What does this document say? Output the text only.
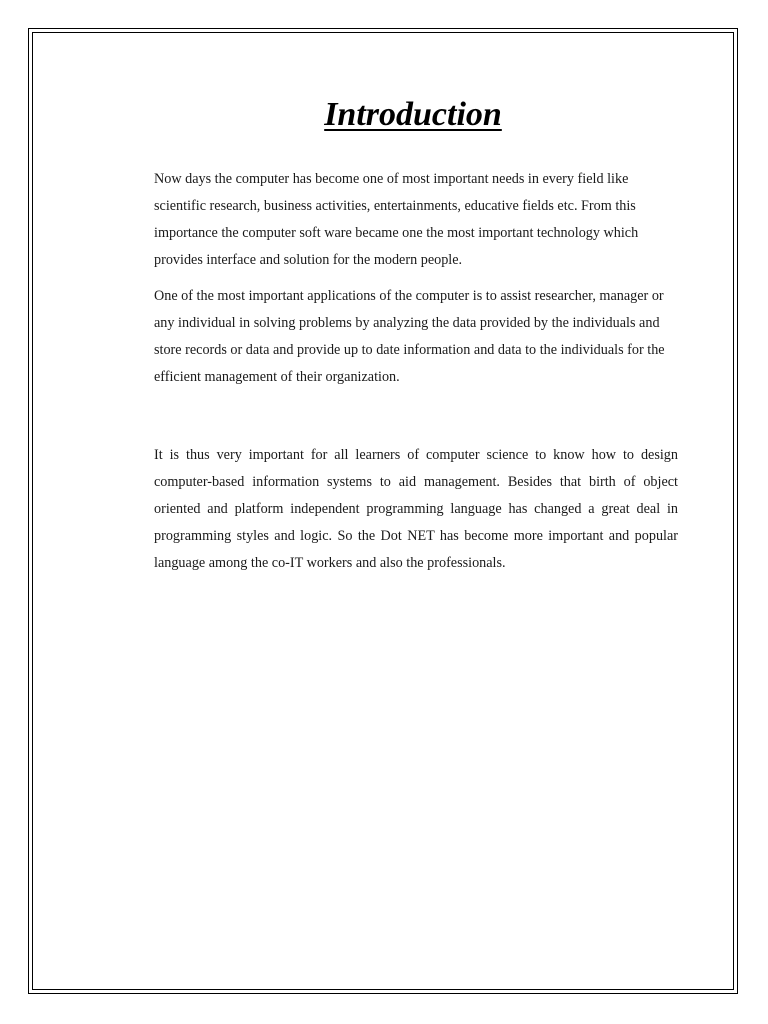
Introduction

Now days the computer has become one of most important needs in every field like scientific research, business activities, entertainments, educative fields etc. From this importance the computer soft ware became one the most important technology which provides interface and solution for the modern people.

One of the most important applications of the computer is to assist researcher, manager or any individual in solving problems by analyzing the data provided by the individuals and store records or data and provide up to date information and data to the individuals for the efficient management of their organization.

It is thus very important for all learners of computer science to know how to design computer-based information systems to aid management. Besides that birth of object oriented and platform independent programming language has changed a great deal in programming styles and logic. So the Dot NET has become more important and popular language among the co-IT workers and also the professionals.
